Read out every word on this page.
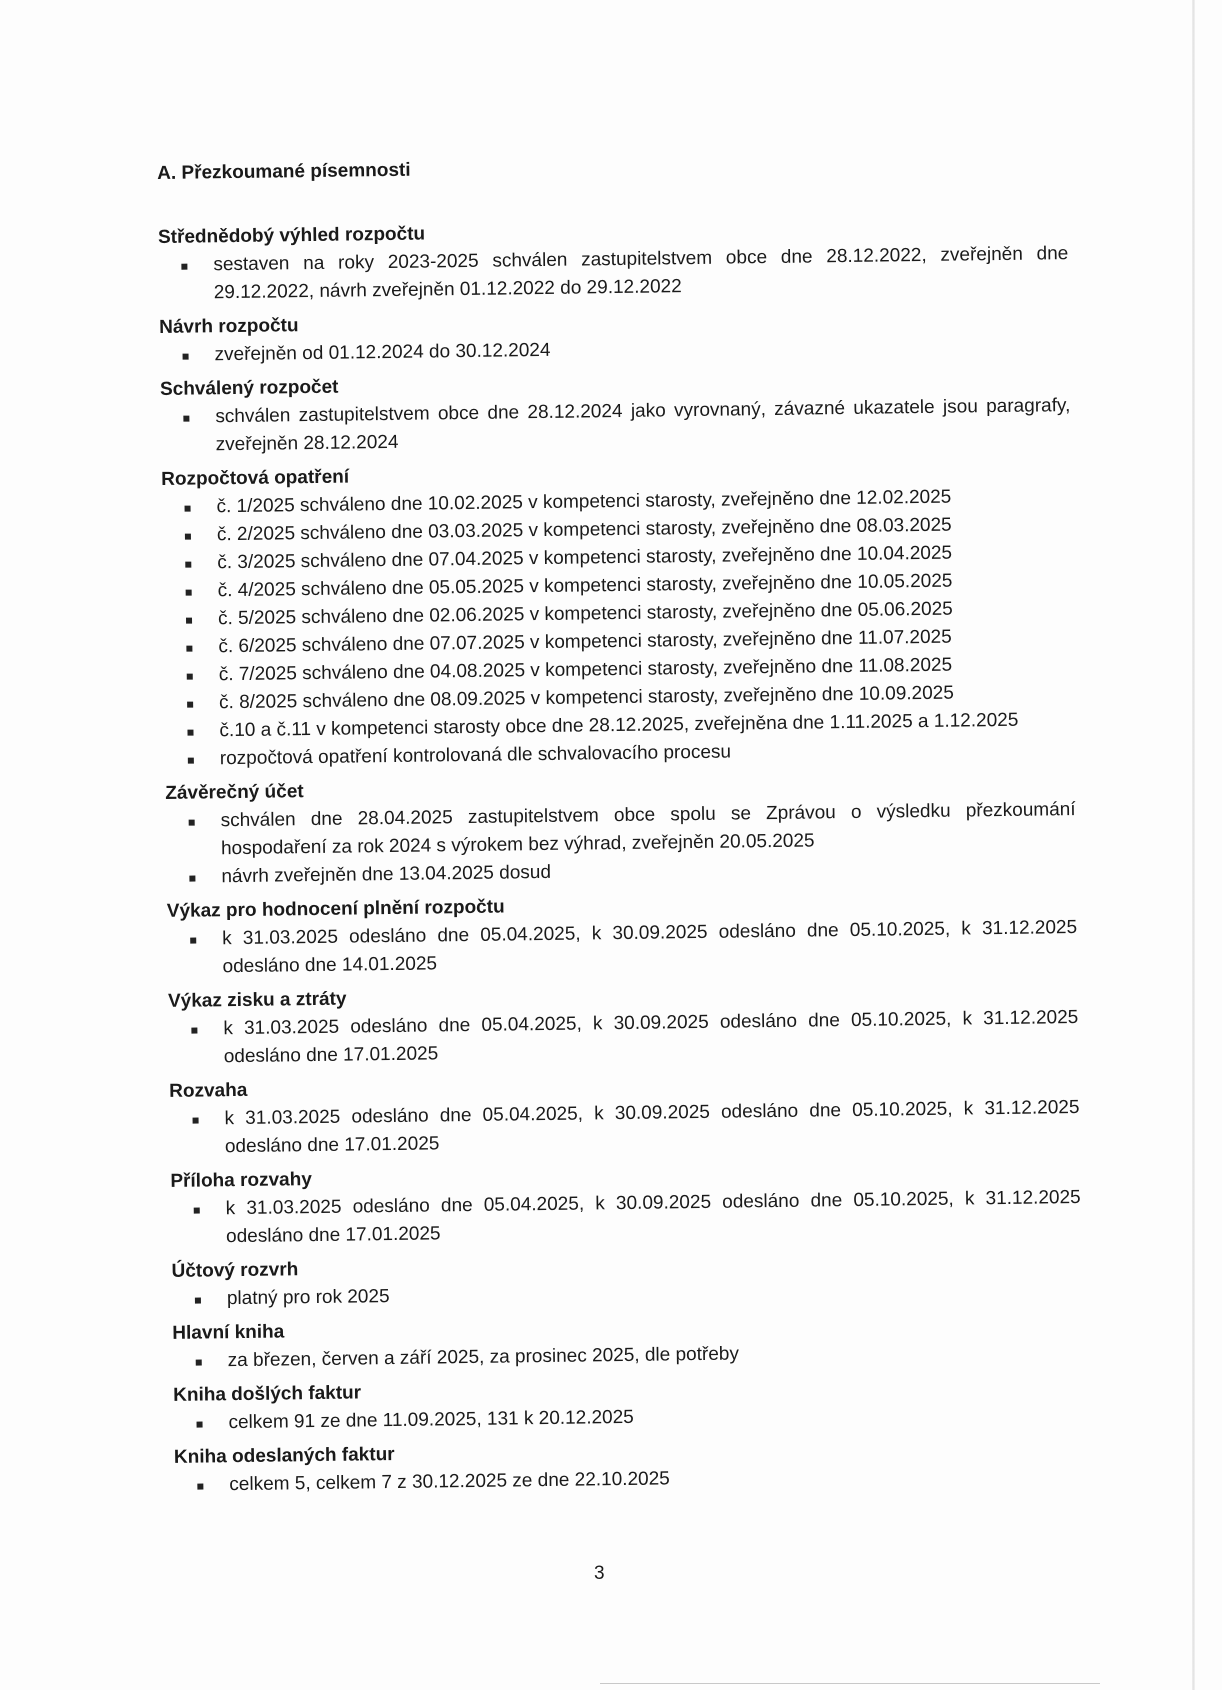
A. Přezkoumané písemnosti
Střednědobý výhled rozpočtu
sestaven na roky 2023-2025 schválen zastupitelstvem obce dne 28.12.2022, zveřejněn dne 29.12.2022, návrh zveřejněn 01.12.2022 do 29.12.2022
Návrh rozpočtu
zveřejněn od 01.12.2024 do 30.12.2024
Schválený rozpočet
schválen zastupitelstvem obce dne 28.12.2024 jako vyrovnaný, závazné ukazatele jsou paragrafy, zveřejněn 28.12.2024
Rozpočtová opatření
č. 1/2025 schváleno dne 10.02.2025 v kompetenci starosty, zveřejněno dne 12.02.2025
č. 2/2025 schváleno dne 03.03.2025 v kompetenci starosty, zveřejněno dne 08.03.2025
č. 3/2025 schváleno dne 07.04.2025 v kompetenci starosty, zveřejněno dne 10.04.2025
č. 4/2025 schváleno dne 05.05.2025 v kompetenci starosty, zveřejněno dne 10.05.2025
č. 5/2025 schváleno dne 02.06.2025 v kompetenci starosty, zveřejněno dne 05.06.2025
č. 6/2025 schváleno dne 07.07.2025 v kompetenci starosty, zveřejněno dne 11.07.2025
č. 7/2025 schváleno dne 04.08.2025 v kompetenci starosty, zveřejněno dne 11.08.2025
č. 8/2025 schváleno dne 08.09.2025 v kompetenci starosty, zveřejněno dne 10.09.2025
č.10 a č.11 v kompetenci starosty obce dne 28.12.2025, zveřejněna dne 1.11.2025 a 1.12.2025
rozpočtová opatření kontrolovaná dle schvalovacího procesu
Závěrečný účet
schválen dne 28.04.2025 zastupitelstvem obce spolu se Zprávou o výsledku přezkoumání hospodaření za rok 2024 s výrokem bez výhrad, zveřejněn 20.05.2025
návrh zveřejněn dne 13.04.2025 dosud
Výkaz pro hodnocení plnění rozpočtu
k 31.03.2025 odesláno dne 05.04.2025, k 30.09.2025 odesláno dne 05.10.2025, k 31.12.2025 odesláno dne 14.01.2025
Výkaz zisku a ztráty
k 31.03.2025 odesláno dne 05.04.2025, k 30.09.2025 odesláno dne 05.10.2025, k 31.12.2025 odesláno dne 17.01.2025
Rozvaha
k 31.03.2025 odesláno dne 05.04.2025, k 30.09.2025 odesláno dne 05.10.2025, k 31.12.2025 odesláno dne 17.01.2025
Příloha rozvahy
k 31.03.2025 odesláno dne 05.04.2025, k 30.09.2025 odesláno dne 05.10.2025, k 31.12.2025 odesláno dne 17.01.2025
Účtový rozvrh
platný pro rok 2025
Hlavní kniha
za březen, červen a září 2025, za prosinec 2025, dle potřeby
Kniha došlých faktur
celkem 91 ze dne 11.09.2025, 131 k 20.12.2025
Kniha odeslaných faktur
celkem 5, celkem 7 z 30.12.2025 ze dne 22.10.2025
3
